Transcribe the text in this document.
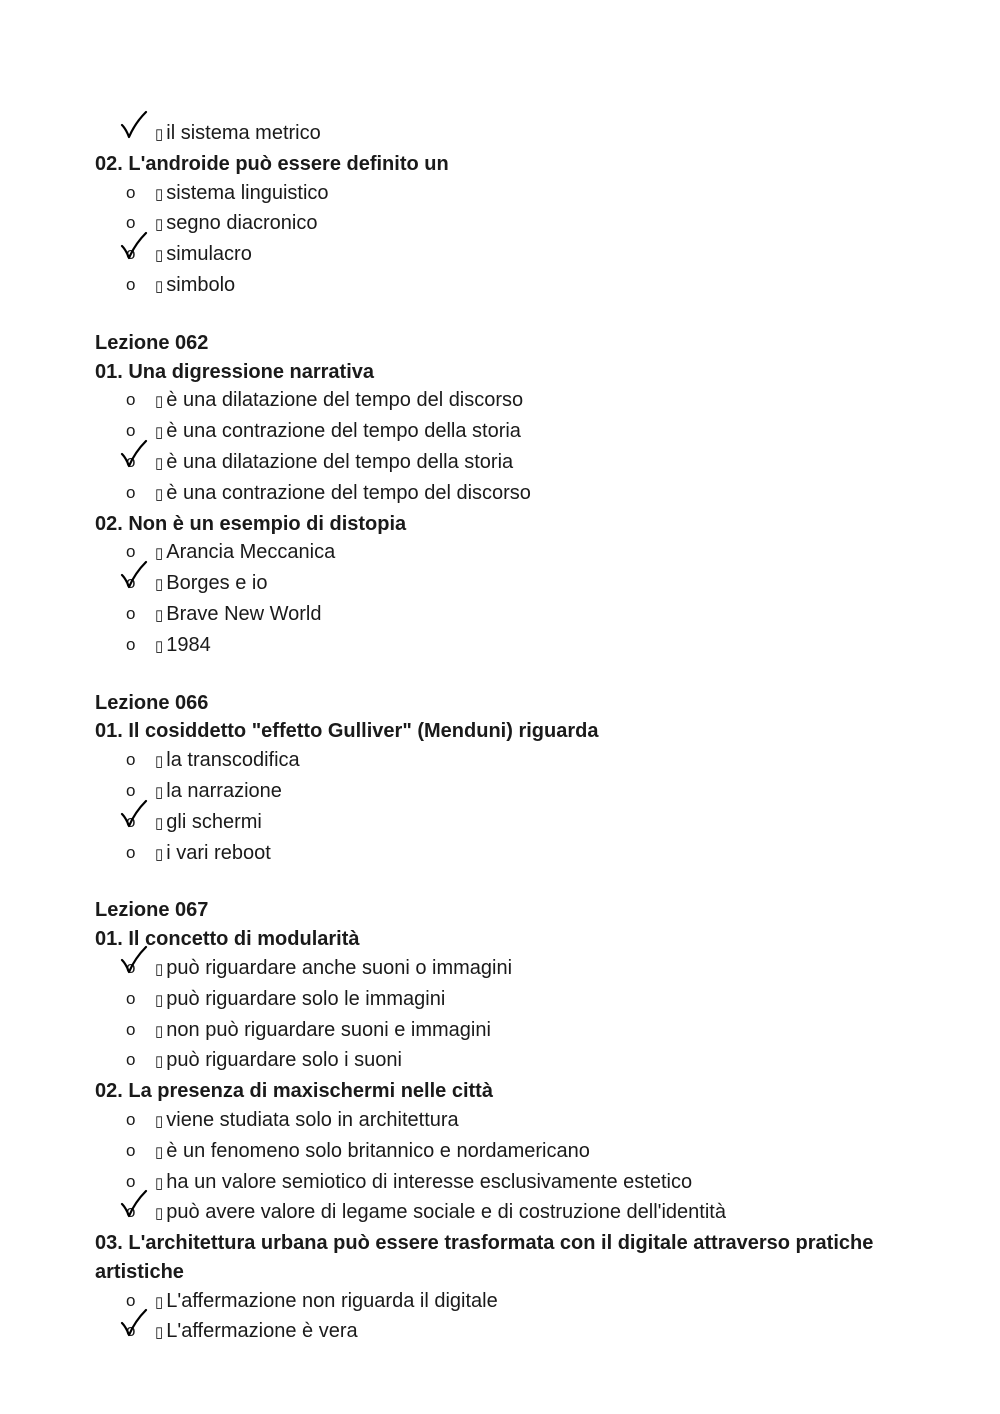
▯ il sistema metrico
02. L'androide può essere definito un
o ▯ sistema linguistico
o ▯ segno diacronico
o ▯ simulacro
o ▯ simbolo
Lezione 062
01. Una digressione narrativa
o ▯ è una dilatazione del tempo del discorso
o ▯ è una contrazione del tempo della storia
o ▯ è una dilatazione del tempo della storia
o ▯ è una contrazione del tempo del discorso
02. Non è un esempio di distopia
o ▯ Arancia Meccanica
o ▯ Borges e io
o ▯ Brave New World
o ▯ 1984
Lezione 066
01. Il cosiddetto "effetto Gulliver" (Menduni) riguarda
o ▯ la transcodifica
o ▯ la narrazione
o ▯ gli schermi
o ▯ i vari reboot
Lezione 067
01. Il concetto di modularità
o ▯ può riguardare anche suoni o immagini
o ▯ può riguardare solo le immagini
o ▯ non può riguardare suoni e immagini
o ▯ può riguardare solo i suoni
02. La presenza di maxischermi nelle città
o ▯ viene studiata solo in architettura
o ▯ è un fenomeno solo britannico e nordamericano
o ▯ ha un valore semiotico di interesse esclusivamente estetico
o ▯ può avere valore di legame sociale e di costruzione dell'identità
03. L'architettura urbana può essere trasformata con il digitale attraverso pratiche artistiche
o ▯ L'affermazione non riguarda il digitale
o ▯ L'affermazione è vera
